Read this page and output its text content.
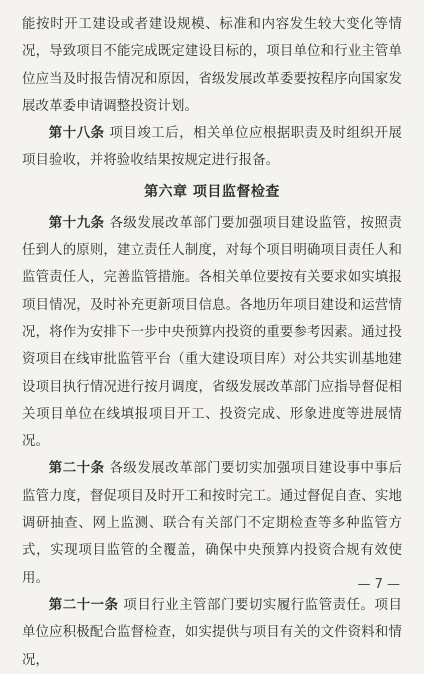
能按时开工建设或者建设规模、标准和内容发生较大变化等情况，导致项目不能完成既定建设目标的，项目单位和行业主管单位应当及时报告情况和原因，省级发展改革委要按程序向国家发展改革委申请调整投资计划。

第十八条 项目竣工后，相关单位应根据职责及时组织开展项目验收，并将验收结果按规定进行报备。

第六章 项目监督检查

第十九条 各级发展改革部门要加强项目建设监管，按照责任到人的原则，建立责任人制度，对每个项目明确项目责任人和监管责任人，完善监管措施。各相关单位要按有关要求如实填报项目情况，及时补充更新项目信息。各地历年项目建设和运营情况，将作为安排下一步中央预算内投资的重要参考因素。通过投资项目在线审批监管平台（重大建设项目库）对公共实训基地建设项目执行情况进行按月调度，省级发展改革部门应指导督促相关项目单位在线填报项目开工、投资完成、形象进度等进展情况。

第二十条 各级发展改革部门要切实加强项目建设事中事后监管力度，督促项目及时开工和按时完工。通过督促自查、实地调研抽查、网上监测、联合有关部门不定期检查等多种监管方式，实现项目监管的全覆盖，确保中央预算内投资合规有效使用。

第二十一条 项目行业主管部门要切实履行监管责任。项目单位应积极配合监督检查，如实提供与项目有关的文件资料和情况，

— 7 —
